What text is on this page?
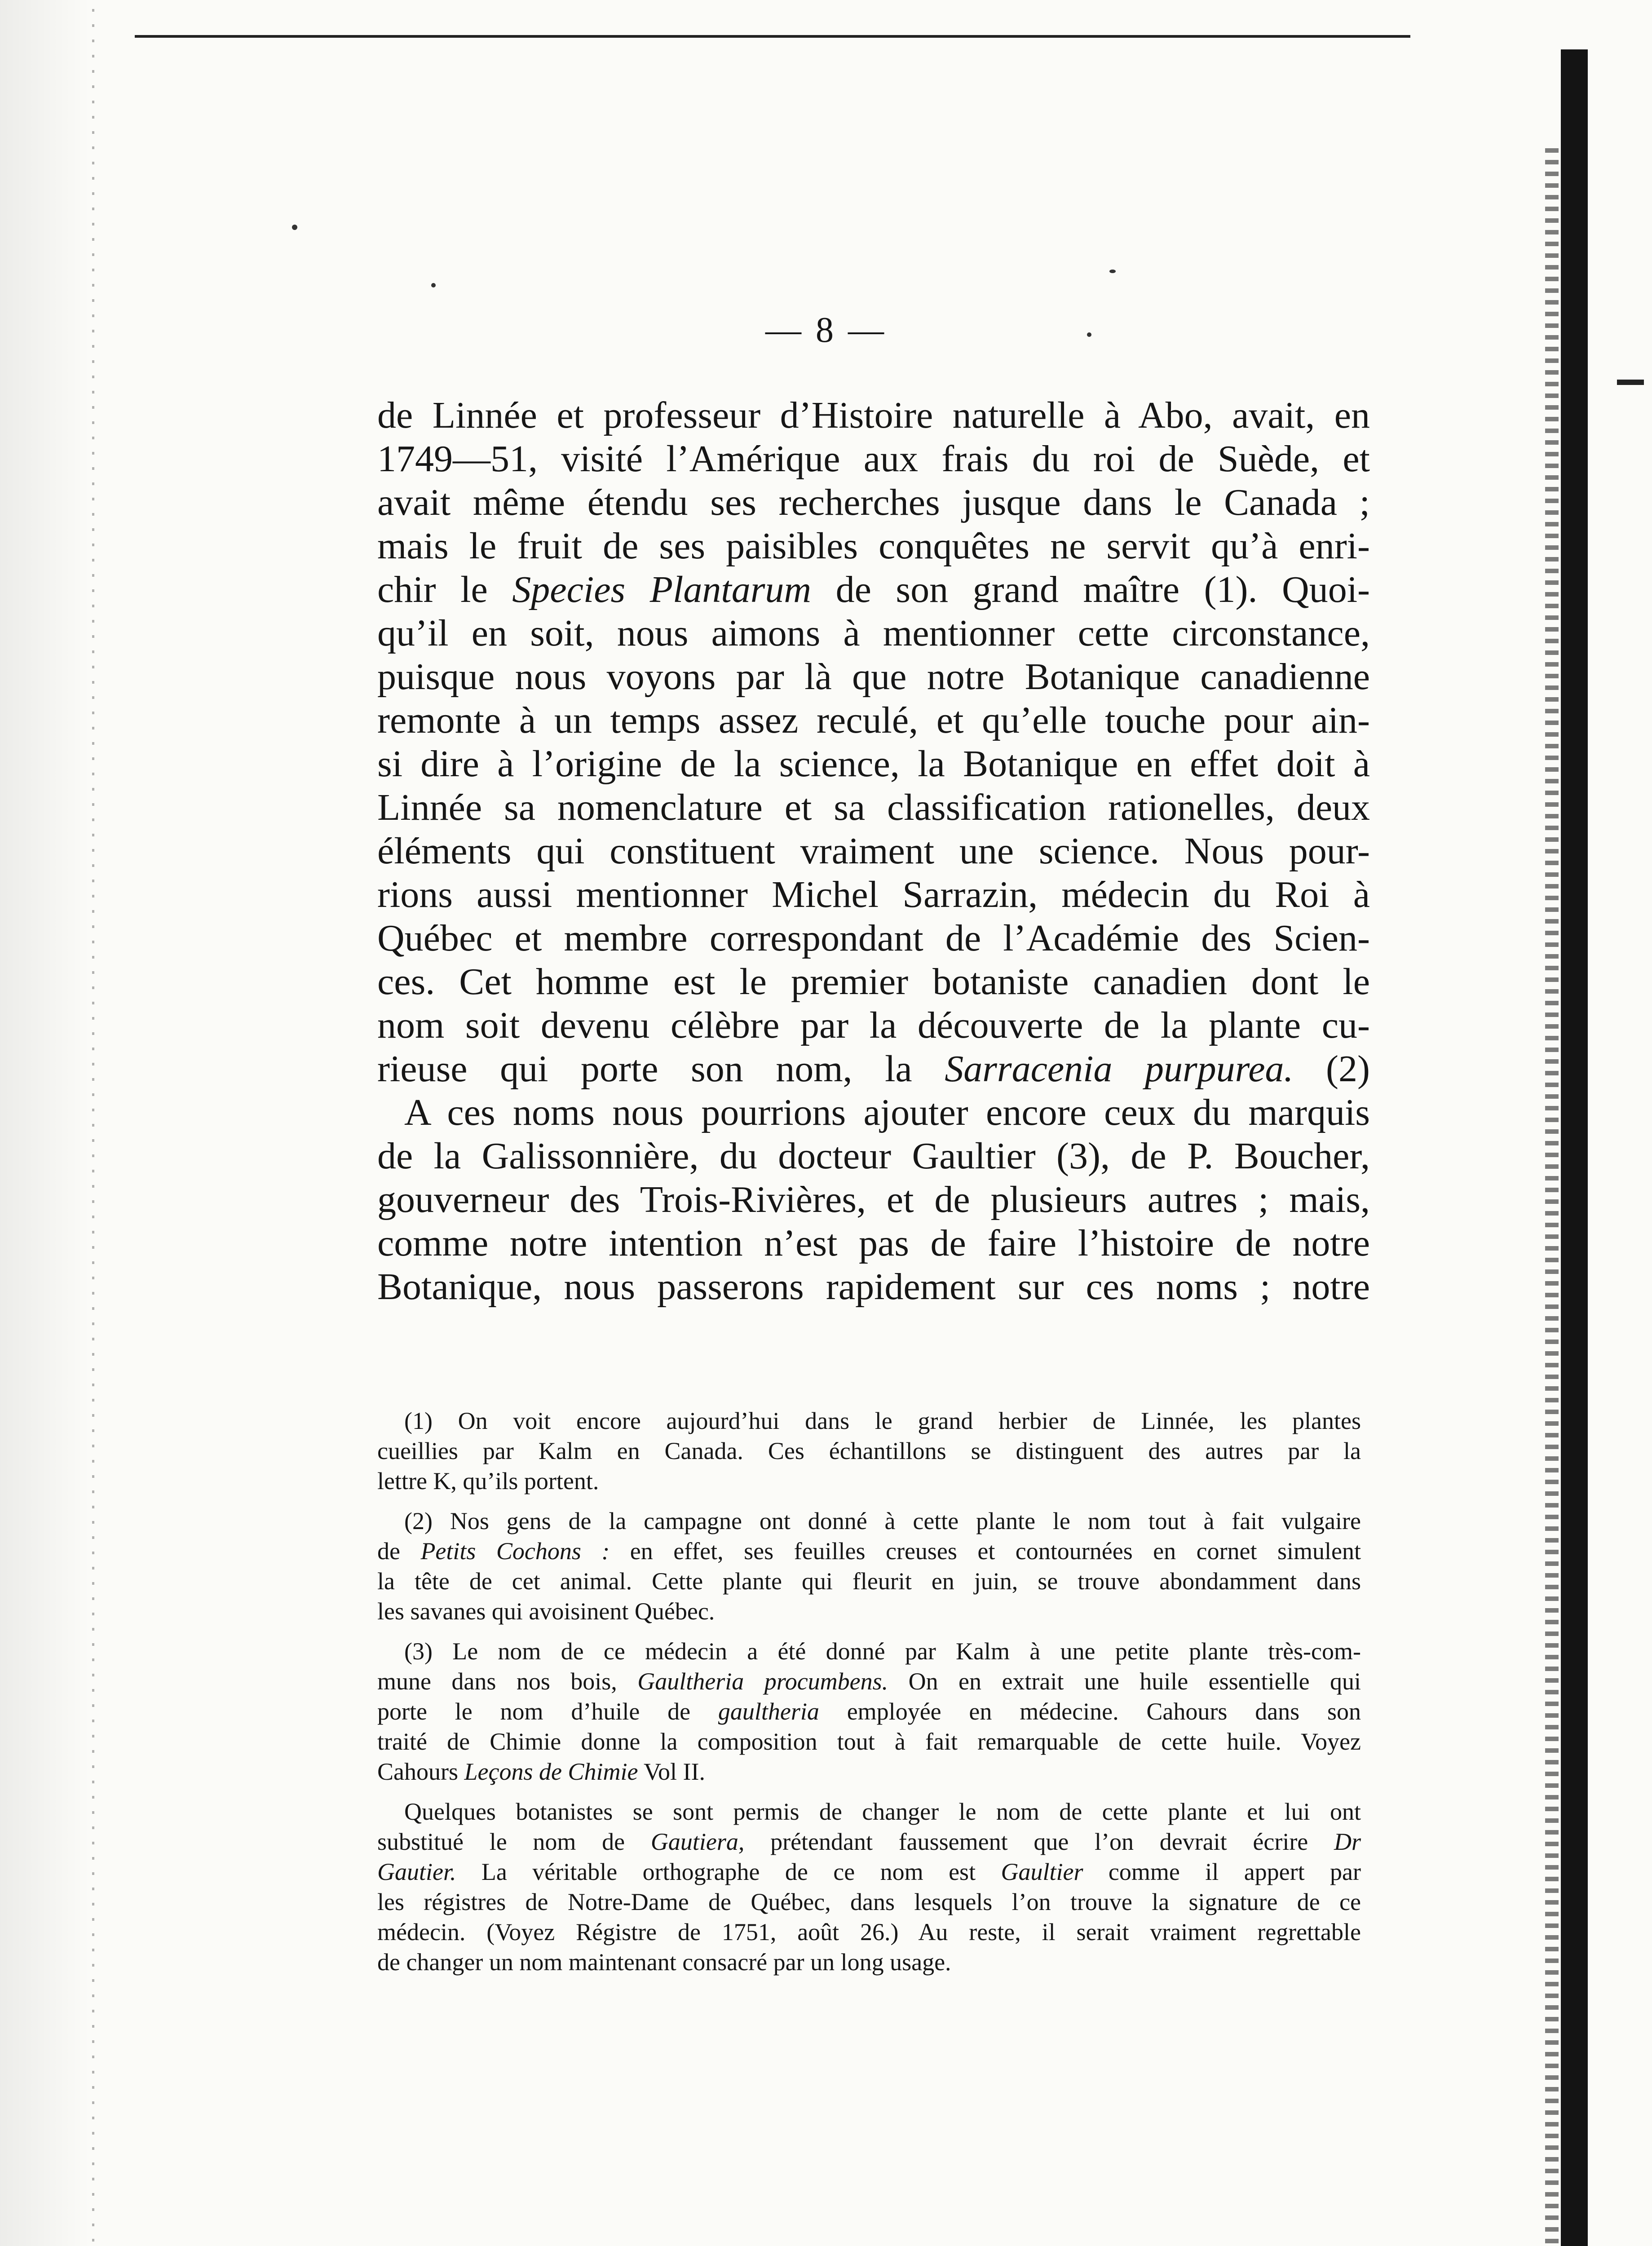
— 8 —
de Linnée et professeur d’Histoire naturelle à Abo, avait, en
1749—51, visité l’Amérique aux frais du roi de Suède, et
avait même étendu ses recherches jusque dans le Canada ;
mais le fruit de ses paisibles conquêtes ne servit qu’à enri-
chir le Species Plantarum de son grand maître (1). Quoi-
qu’il en soit, nous aimons à mentionner cette circonstance,
puisque nous voyons par là que notre Botanique canadienne
remonte à un temps assez reculé, et qu’elle touche pour ain-
si dire à l’origine de la science, la Botanique en effet doit à
Linnée sa nomenclature et sa classification rationelles, deux
éléments qui constituent vraiment une science. Nous pour-
rions aussi mentionner Michel Sarrazin, médecin du Roi à
Québec et membre correspondant de l’Académie des Scien-
ces. Cet homme est le premier botaniste canadien dont le
nom soit devenu célèbre par la découverte de la plante cu-
rieuse qui porte son nom, la Sarracenia purpurea. (2)
A ces noms nous pourrions ajouter encore ceux du marquis
de la Galissonnière, du docteur Gaultier (3), de P. Boucher,
gouverneur des Trois-Rivières, et de plusieurs autres ; mais,
comme notre intention n’est pas de faire l’histoire de notre
Botanique, nous passerons rapidement sur ces noms ; notre
(1) On voit encore aujourd’hui dans le grand herbier de Linnée, les plantes
cueillies par Kalm en Canada. Ces échantillons se distinguent des autres par la
lettre K, qu’ils portent.
(2) Nos gens de la campagne ont donné à cette plante le nom tout à fait vulgaire
de Petits Cochons : en effet, ses feuilles creuses et contournées en cornet simulent
la tête de cet animal. Cette plante qui fleurit en juin, se trouve abondamment dans
les savanes qui avoisinent Québec.
(3) Le nom de ce médecin a été donné par Kalm à une petite plante très-com-
mune dans nos bois, Gaultheria procumbens. On en extrait une huile essentielle qui
porte le nom d’huile de gaultheria employée en médecine. Cahours dans son
traité de Chimie donne la composition tout à fait remarquable de cette huile. Voyez
Cahours Leçons de Chimie Vol II.
Quelques botanistes se sont permis de changer le nom de cette plante et lui ont
substitué le nom de Gautiera, prétendant faussement que l’on devrait écrire Dr
Gautier. La véritable orthographe de ce nom est Gaultier comme il appert par
les régistres de Notre-Dame de Québec, dans lesquels l’on trouve la signature de ce
médecin. (Voyez Régistre de 1751, août 26.) Au reste, il serait vraiment regrettable
de changer un nom maintenant consacré par un long usage.
